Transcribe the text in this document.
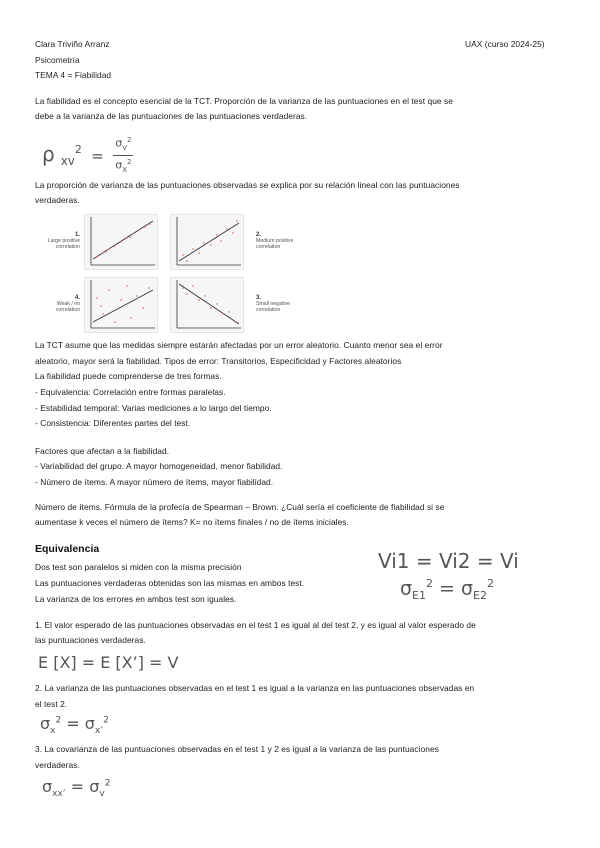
Clara Triviño Arranz	UAX (curso 2024-25)
Psicometría
TEMA 4 = Fiabilidad
La fiabilidad es el concepto esencial de la TCT. Proporción de la varianza de las puntuaciones en el test que se
debe a la varianza de las puntuaciones de las puntuaciones verdaderas.
ρ $_{xv}^2 = \frac{\sigma_V^2}{\sigma_X^2}$
La proporción de varianza de las puntuaciones observadas se explica por su relación lineal con las puntuaciones
verdaderas.
1.
Large positive
correlation
2.
Medium positive
correlation
4.
Weak / no
correlation
3.
Small negative
correlation
La TCT asume que las medidas siempre estarán afectadas por un error aleatorio. Cuanto menor sea el error
aleatorio, mayor será la fiabilidad. Tipos de error: Transitorios, Especificidad y Factores aleatorios
La fiabilidad puede comprenderse de tres formas.
- Equivalencia: Correlación entre formas paralelas.
- Estabilidad temporal: Varias mediciones a lo largo del tiempo.
- Consistencia: Diferentes partes del test.
Factores que afectan a la fiabilidad.
- Variabilidad del grupo. A mayor homogeneidad, menor fiabilidad.
- Número de ítems. A mayor número de ítems, mayor fiabilidad.
Número de ítems. Fórmula de la profecía de Spearman – Brown. ¿Cuál sería el coeficiente de fiabilidad si se
aumentase k veces el número de ítems? K= no ítems finales / no de ítems iniciales.
Equivalencia
Dos test son paralelos si miden con la misma precisión
Las puntuaciones verdaderas obtenidas son las mismas en ambos test.
La varianza de los errores en ambos test son iguales.
Vi1 = Vi2 = Vi
$\sigma_{E1}^2 = \sigma_{E2}^2$
1. El valor esperado de las puntuaciones observadas en el test 1 es igual al del test 2, y es igual al valor esperado de
las puntuaciones verdaderas.
E [X] = E [X’] = V
2. La varianza de las puntuaciones observadas en el test 1 es igual a la varianza en las puntuaciones observadas en
el test 2.
$\sigma_x^2 = \sigma_{x’}^2$
3. La covarianza de las puntuaciones observadas en el test 1 y 2 es igual a la varianza de las puntuaciones
verdaderas.
$\sigma_{xx’} = \sigma_v^2$
